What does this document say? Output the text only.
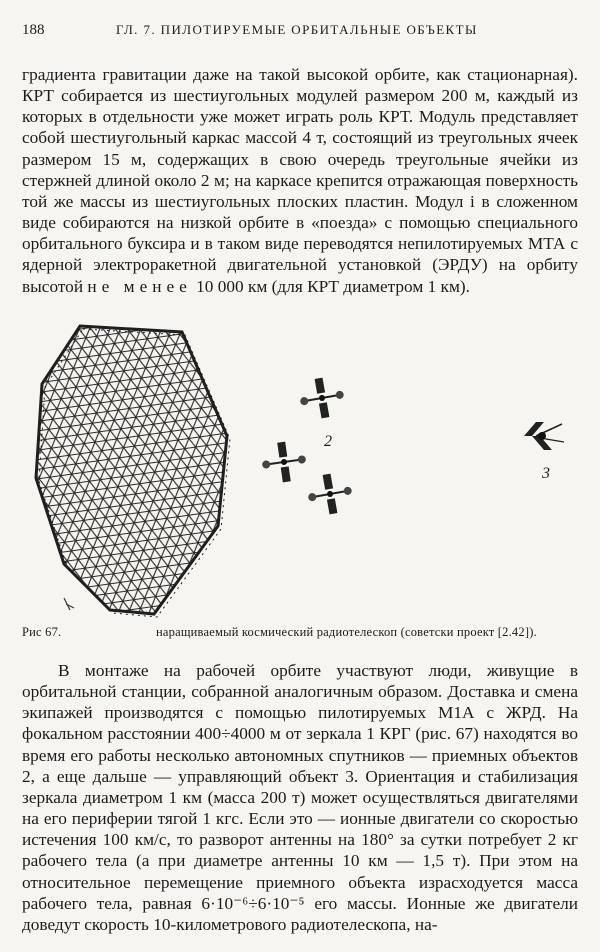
188	ГЛ. 7. ПИЛОТИРУЕМЫЕ ОРБИТАЛЬНЫЕ ОБЪЕКТЫ

градиента гравитации даже на такой высокой орбите, как стационарная). КРТ собирается из шестиугольных модулей размером 200 м, каждый из которых в отдельности уже может играть роль КРТ. Модуль представляет собой шестиугольный каркас массой 4 т, состоящий из треугольных ячеек размером 15 м, содержащих в свою очередь треугольные ячейки из стержней длиной около 2 м; на каркасе крепится отражающая поверхность той же массы из шестиугольных плоских пластин. Модул і в сложенном виде собираются на низкой орбите в «поезда» с помощью специального орбитального буксира и в таком виде переводятся непилотируемых МТА с ядерной электроракетной двигательной установкой (ЭРДУ) на орбиту высотой не менее 10 000 км (для КРТ диаметром 1 км).

2
3
Рис 67.	наращиваемый космический радиотелескоп (советски проект [2.42]).

В монтаже на рабочей орбите участвуют люди, живущие в орбитальной станции, собранной аналогичным образом. Доставка и смена экипажей производятся с помощью пилотируемых М1А с ЖРД. На фокальном расстоянии 400÷4000 м от зеркала 1 КРГ (рис. 67) находятся во время его работы несколько автономных спутников — приемных объектов 2, а еще дальше — управляющий объект 3. Ориентация и стабилизация зеркала диаметром 1 км (масса 200 т) может осуществляться двигателями на его периферии тягой 1 кгс. Если это — ионные двигатели со скоростью истечения 100 км/с, то разворот антенны на 180° за сутки потребует 2 кг рабочего тела (а при диаметре антенны 10 км — 1,5 т). При этом на относительное перемещение приемного объекта израсходуется масса рабочего тела, равная 6·10⁻⁶÷6·10⁻⁵ его массы. Ионные же двигатели доведут скорость 10-километрового радиотелескопа, на-
